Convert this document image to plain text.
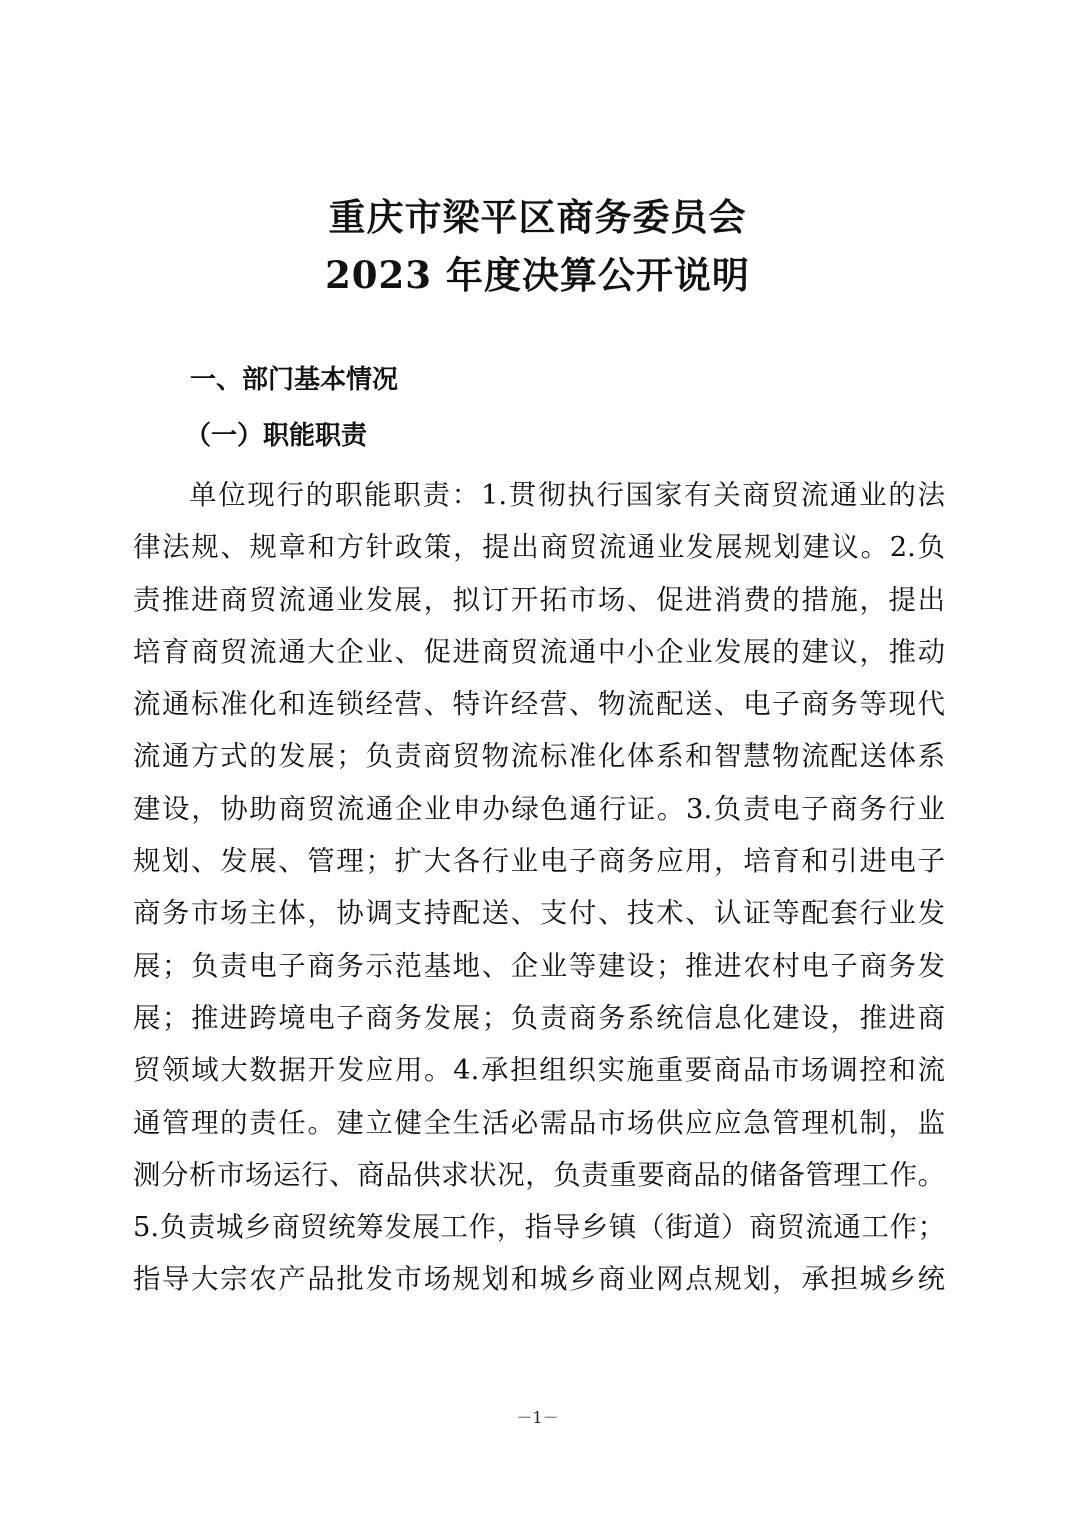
重庆市梁平区商务委员会
2023 年度决算公开说明
一、部门基本情况
（一）职能职责
单位现行的职能职责：1.贯彻执行国家有关商贸流通业的法
律法规、规章和方针政策，提出商贸流通业发展规划建议。2.负
责推进商贸流通业发展，拟订开拓市场、促进消费的措施，提出
培育商贸流通大企业、促进商贸流通中小企业发展的建议，推动
流通标准化和连锁经营、特许经营、物流配送、电子商务等现代
流通方式的发展；负责商贸物流标准化体系和智慧物流配送体系
建设，协助商贸流通企业申办绿色通行证。3.负责电子商务行业
规划、发展、管理；扩大各行业电子商务应用，培育和引进电子
商务市场主体，协调支持配送、支付、技术、认证等配套行业发
展；负责电子商务示范基地、企业等建设；推进农村电子商务发
展；推进跨境电子商务发展；负责商务系统信息化建设，推进商
贸领域大数据开发应用。4.承担组织实施重要商品市场调控和流
通管理的责任。建立健全生活必需品市场供应应急管理机制，监
测分析市场运行、商品供求状况，负责重要商品的储备管理工作。
5.负责城乡商贸统筹发展工作，指导乡镇（街道）商贸流通工作；
指导大宗农产品批发市场规划和城乡商业网点规划，承担城乡统
－1－
